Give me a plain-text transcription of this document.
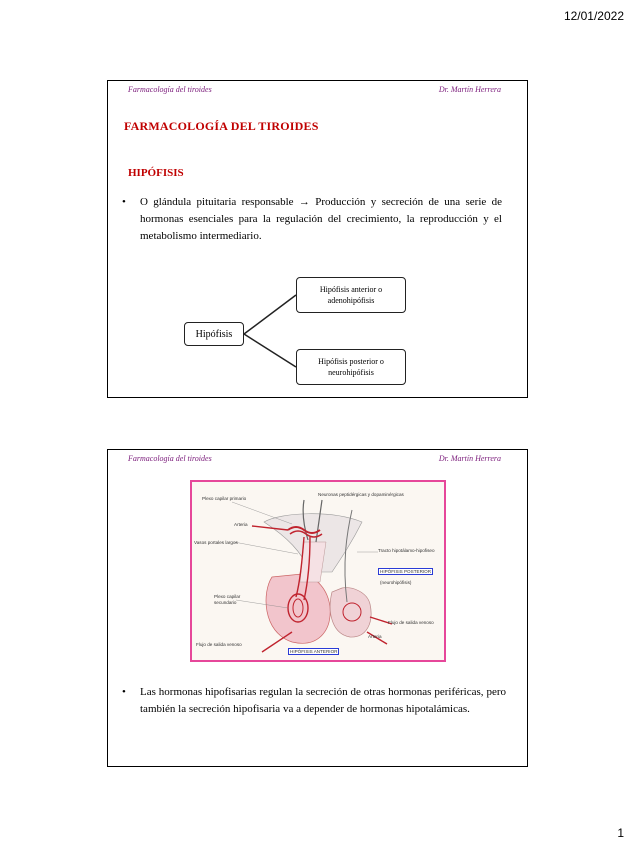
12/01/2022
Farmacología del tiroides	Dr. Martín Herrera
FARMACOLOGÍA DEL TIROIDES
HIPÓFISIS
• O glándula pituitaria responsable → Producción y secreción de una serie de hormonas esenciales para la regulación del crecimiento, la reproducción y el metabolismo intermediario.
Hipófisis
Hipófisis anterior o adenohipófisis
Hipófisis posterior o neurohipófisis
Farmacología del tiroides	Dr. Martín Herrera
Plexo capilar primario
Neuronas peptidérgicas y dopaminérgicas
Arteria
Vasos portales largos
Tracto hipotálamo-hipofiseo
HIPÓFISIS POSTERIOR
(neurohipófisis)
Plexo capilar secundario
Flujo de salida venoso
Arteria
Flujo de salida venoso
HIPÓFISIS ANTERIOR
• Las hormonas hipofisarias regulan la secreción de otras hormonas periféricas, pero también la secreción hipofisaria va a depender de hormonas hipotalámicas.
1
